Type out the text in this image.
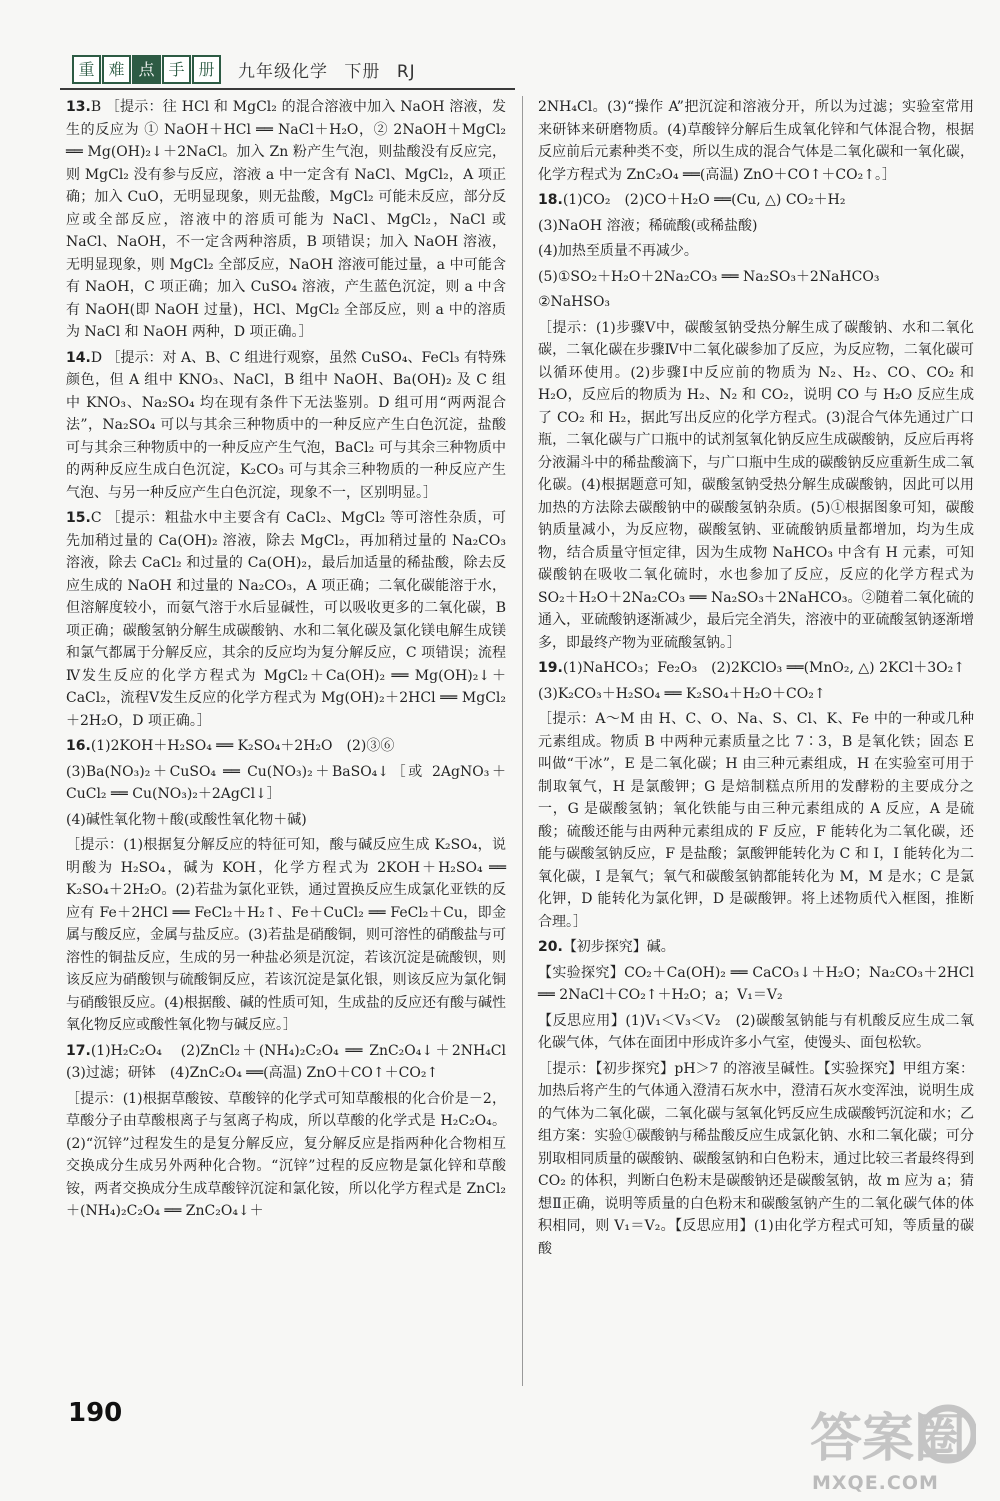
重 难 点 手 册	九年级化学 下册 RJ
13.B ［提示：往 HCl 和 MgCl₂ 的混合溶液中加入 NaOH 溶液，发生的反应为 ① NaOH＋HCl ══ NaCl＋H₂O，② 2NaOH＋MgCl₂ ══ Mg(OH)₂↓＋2NaCl。加入 Zn 粉产生气泡，则盐酸没有反应完，则 MgCl₂ 没有参与反应，溶液 a 中一定含有 NaCl、MgCl₂，A 项正确；加入 CuO，无明显现象，则无盐酸，MgCl₂ 可能未反应，部分反应或全部反应，溶液中的溶质可能为 NaCl、MgCl₂，NaCl 或 NaCl、NaOH，不一定含两种溶质，B 项错误；加入 NaOH 溶液，无明显现象，则 MgCl₂ 全部反应，NaOH 溶液可能过量，a 中可能含有 NaOH，C 项正确；加入 CuSO₄ 溶液，产生蓝色沉淀，则 a 中含有 NaOH(即 NaOH 过量)，HCl、MgCl₂ 全部反应，则 a 中的溶质为 NaCl 和 NaOH 两种，D 项正确。］
14.D ［提示：对 A、B、C 组进行观察，虽然 CuSO₄、FeCl₃ 有特殊颜色，但 A 组中 KNO₃、NaCl，B 组中 NaOH、Ba(OH)₂ 及 C 组中 KNO₃、Na₂SO₄ 均在现有条件下无法鉴别。D 组可用“两两混合法”，Na₂SO₄ 可以与其余三种物质中的一种反应产生白色沉淀，盐酸可与其余三种物质中的一种反应产生气泡，BaCl₂ 可与其余三种物质中的两种反应生成白色沉淀，K₂CO₃ 可与其余三种物质的一种反应产生气泡、与另一种反应产生白色沉淀，现象不一，区别明显。］
15.C ［提示：粗盐水中主要含有 CaCl₂、MgCl₂ 等可溶性杂质，可先加稍过量的 Ca(OH)₂ 溶液，除去 MgCl₂，再加稍过量的 Na₂CO₃ 溶液，除去 CaCl₂ 和过量的 Ca(OH)₂，最后加适量的稀盐酸，除去反应生成的 NaOH 和过量的 Na₂CO₃，A 项正确；二氧化碳能溶于水，但溶解度较小，而氨气溶于水后显碱性，可以吸收更多的二氧化碳，B 项正确；碳酸氢钠分解生成碳酸钠、水和二氧化碳及氯化镁电解生成镁和氯气都属于分解反应，其余的反应均为复分解反应，C 项错误；流程Ⅳ发生反应的化学方程式为 MgCl₂＋Ca(OH)₂ ══ Mg(OH)₂↓＋CaCl₂，流程Ⅴ发生反应的化学方程式为 Mg(OH)₂＋2HCl ══ MgCl₂＋2H₂O，D 项正确。］
16.(1)2KOH＋H₂SO₄ ══ K₂SO₄＋2H₂O　(2)③⑥
(3)Ba(NO₃)₂＋CuSO₄ ══ Cu(NO₃)₂＋BaSO₄↓［或 2AgNO₃＋CuCl₂ ══ Cu(NO₃)₂＋2AgCl↓］
(4)碱性氧化物＋酸(或酸性氧化物＋碱)
［提示：(1)根据复分解反应的特征可知，酸与碱反应生成 K₂SO₄，说明酸为 H₂SO₄，碱为 KOH，化学方程式为 2KOH＋H₂SO₄ ══ K₂SO₄＋2H₂O。(2)若盐为氯化亚铁，通过置换反应生成氯化亚铁的反应有 Fe＋2HCl ══ FeCl₂＋H₂↑、Fe＋CuCl₂ ══ FeCl₂＋Cu，即金属与酸反应，金属与盐反应。(3)若盐是硝酸铜，则可溶性的硝酸盐与可溶性的铜盐反应，生成的另一种盐必须是沉淀，若该沉淀是硫酸钡，则该反应为硝酸钡与硫酸铜反应，若该沉淀是氯化银，则该反应为氯化铜与硝酸银反应。(4)根据酸、碱的性质可知，生成盐的反应还有酸与碱性氧化物反应或酸性氧化物与碱反应。］
17.(1)H₂C₂O₄　(2)ZnCl₂＋(NH₄)₂C₂O₄ ══ ZnC₂O₄↓＋2NH₄Cl　(3)过滤；研钵　(4)ZnC₂O₄ ══(高温) ZnO＋CO↑＋CO₂↑
［提示：(1)根据草酸铵、草酸锌的化学式可知草酸根的化合价是－2，草酸分子由草酸根离子与氢离子构成，所以草酸的化学式是 H₂C₂O₄。(2)“沉锌”过程发生的是复分解反应，复分解反应是指两种化合物相互交换成分生成另外两种化合物。“沉锌”过程的反应物是氯化锌和草酸铵，两者交换成分生成草酸锌沉淀和氯化铵，所以化学方程式是 ZnCl₂＋(NH₄)₂C₂O₄ ══ ZnC₂O₄↓＋
2NH₄Cl。(3)“操作 A”把沉淀和溶液分开，所以为过滤；实验室常用来研钵来研磨物质。(4)草酸锌分解后生成氧化锌和气体混合物，根据反应前后元素种类不变，所以生成的混合气体是二氧化碳和一氧化碳，化学方程式为 ZnC₂O₄ ══(高温) ZnO＋CO↑＋CO₂↑。］
18.(1)CO₂　(2)CO＋H₂O ══(Cu, △) CO₂＋H₂
(3)NaOH 溶液；稀硫酸(或稀盐酸)
(4)加热至质量不再减少。
(5)①SO₂＋H₂O＋2Na₂CO₃ ══ Na₂SO₃＋2NaHCO₃
②NaHSO₃
［提示：(1)步骤Ⅴ中，碳酸氢钠受热分解生成了碳酸钠、水和二氧化碳，二氧化碳在步骤Ⅳ中二氧化碳参加了反应，为反应物，二氧化碳可以循环使用。(2)步骤Ⅰ中反应前的物质为 N₂、H₂、CO、CO₂ 和 H₂O，反应后的物质为 H₂、N₂ 和 CO₂，说明 CO 与 H₂O 反应生成了 CO₂ 和 H₂，据此写出反应的化学方程式。(3)混合气体先通过广口瓶，二氧化碳与广口瓶中的试剂氢氧化钠反应生成碳酸钠，反应后再将分液漏斗中的稀盐酸滴下，与广口瓶中生成的碳酸钠反应重新生成二氧化碳。(4)根据题意可知，碳酸氢钠受热分解生成碳酸钠，因此可以用加热的方法除去碳酸钠中的碳酸氢钠杂质。(5)①根据图象可知，碳酸钠质量减小，为反应物，碳酸氢钠、亚硫酸钠质量都增加，均为生成物，结合质量守恒定律，因为生成物 NaHCO₃ 中含有 H 元素，可知碳酸钠在吸收二氧化硫时，水也参加了反应，反应的化学方程式为 SO₂＋H₂O＋2Na₂CO₃ ══ Na₂SO₃＋2NaHCO₃。②随着二氧化硫的通入，亚硫酸钠逐渐减少，最后完全消失，溶液中的亚硫酸氢钠逐渐增多，即最终产物为亚硫酸氢钠。］
19.(1)NaHCO₃；Fe₂O₃　(2)2KClO₃ ══(MnO₂, △) 2KCl＋3O₂↑
(3)K₂CO₃＋H₂SO₄ ══ K₂SO₄＋H₂O＋CO₂↑
［提示：A～M 由 H、C、O、Na、S、Cl、K、Fe 中的一种或几种元素组成。物质 B 中两种元素质量之比 7∶3，B 是氧化铁；固态 E 叫做“干冰”，E 是二氧化碳；H 由三种元素组成，H 在实验室可用于制取氧气，H 是氯酸钾；G 是焙制糕点所用的发酵粉的主要成分之一，G 是碳酸氢钠；氧化铁能与由三种元素组成的 A 反应，A 是硫酸；硫酸还能与由两种元素组成的 F 反应，F 能转化为二氧化碳，还能与碳酸氢钠反应，F 是盐酸；氯酸钾能转化为 C 和 I，I 能转化为二氧化碳，I 是氧气；氧气和碳酸氢钠都能转化为 M，M 是水；C 是氯化钾，D 能转化为氯化钾，D 是碳酸钾。将上述物质代入框图，推断合理。］
20.【初步探究】碱。
【实验探究】CO₂＋Ca(OH)₂ ══ CaCO₃↓＋H₂O；Na₂CO₃＋2HCl ══ 2NaCl＋CO₂↑＋H₂O；a；V₁＝V₂
【反思应用】(1)V₁＜V₃＜V₂　(2)碳酸氢钠能与有机酸反应生成二氧化碳气体，气体在面团中形成许多小气室，使馒头、面包松软。
［提示：【初步探究】pH＞7 的溶液呈碱性。【实验探究】甲组方案：加热后将产生的气体通入澄清石灰水中，澄清石灰水变浑浊，说明生成的气体为二氧化碳，二氧化碳与氢氧化钙反应生成碳酸钙沉淀和水；乙组方案：实验①碳酸钠与稀盐酸反应生成氯化钠、水和二氧化碳；可分别取相同质量的碳酸钠、碳酸氢钠和白色粉末，通过比较三者最终得到 CO₂ 的体积，判断白色粉末是碳酸钠还是碳酸氢钠，故 m 应为 a；猜想Ⅱ正确，说明等质量的白色粉末和碳酸氢钠产生的二氧化碳气体的体积相同，则 V₁＝V₂。【反思应用】(1)由化学方程式可知，等质量的碳酸
190	答案圈
MXQE.COM
